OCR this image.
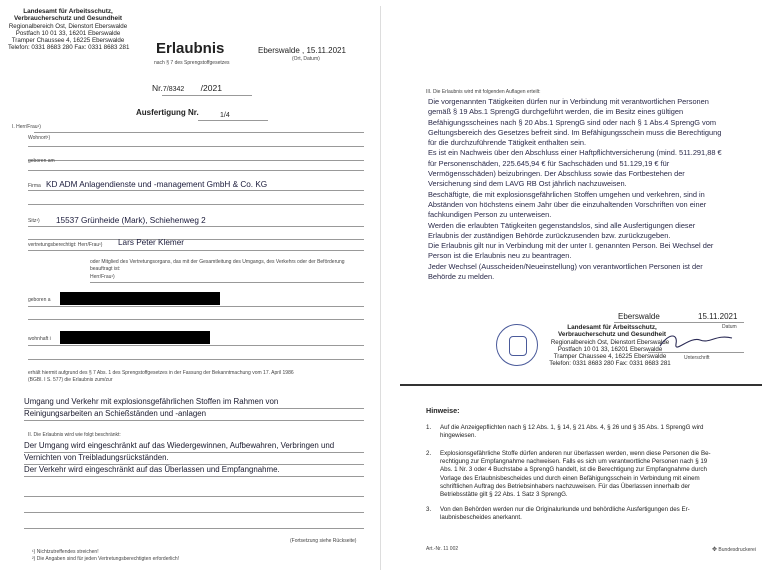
Landesamt für Arbeitsschutz,
Verbraucherschutz und Gesundheit
Regionalbereich Ost, Dienstort Eberswalde
Postfach 10 01 33, 16201 Eberswalde
Tramper Chaussee 4, 16225 Eberswalde
Telefon: 0331 8683 280 Fax: 0331 8683 281 Erlaubnis
nach § 7 des Sprengstoffgesetzes
Eberswalde , 15.11.2021
(Ort, Datum)
Nr.7/8342 /2021
Ausfertigung Nr.	1/4
I. Herr/Frau¹)
Wohnort¹)
geboren am
Firma KD ADM Anlagendienste und -management GmbH & Co. KG
Sitz¹) 15537 Grünheide (Mark), Schiehenweg 2
vertretungsberechtigt: Herr/Frau¹) Lars Peter Klemer
oder Mitglied des Vertretungsorgans, das mit der Gesamtleitung des Umgangs, des Verkehrs oder der Beförderung beauftragt ist:
Herr/Frau¹)
geboren a
wohnhaft i
erhält hiermit aufgrund des § 7 Abs. 1 des Sprengstoffgesetzes in der Fassung der Bekanntmachung vom 17. April 1986
(BGBl. I S. 577) die Erlaubnis zum/zur
Umgang und Verkehr mit explosionsgefährlichen Stoffen im Rahmen von
Reinigungsarbeiten an Schießständen und -anlagen
II. Die Erlaubnis wird wie folgt beschränkt:
Der Umgang wird eingeschränkt auf das Wiedergewinnen, Aufbewahren, Verbringen und
Vernichten von Treibladungsrückständen.
Der Verkehr wird eingeschränkt auf das Überlassen und Empfangnahme.
(Fortsetzung siehe Rückseite)
¹) Nichtzutreffendes streichen!
²) Die Angaben sind für jeden Vertretungsberechtigten erforderlich!
III. Die Erlaubnis wird mit folgenden Auflagen erteilt:
Die vorgenannten Tätigkeiten dürfen nur in Verbindung mit verantwortlichen Personen
gemäß § 19 Abs.1 SprengG durchgeführt werden, die im Besitz eines gültigen
Befähigungsscheines nach § 20 Abs.1 SprengG sind oder nach § 1 Abs.4 SprengG vom
Geltungsbereich des Gesetzes befreit sind. Im Befähigungsschein muss die Berechtigung
für die durchzuführende Tätigkeit enthalten sein.
Es ist ein Nachweis über den Abschluss einer Haftpflichtversicherung (mind. 511.291,88 €
für Personenschäden, 225.645,94 € für Sachschäden und 51.129,19 € für
Vermögensschäden) beizubringen. Der Abschluss sowie das Fortbestehen der
Versicherung sind dem LAVG RB Ost jährlich nachzuweisen.
Beschäftigte, die mit explosionsgefährlichen Stoffen umgehen und verkehren, sind in
Abständen von höchstens einem Jahr über die einzuhaltenden Vorschriften von einer
fachkundigen Person zu unterweisen.
Werden die erlaubten Tätigkeiten gegenstandslos, sind alle Ausfertigungen dieser
Erlaubnis der zuständigen Behörde zurückzusenden bzw. zurückzugeben.
Die Erlaubnis gilt nur in Verbindung mit der unter I. genannten Person. Bei Wechsel der
Person ist die Erlaubnis neu zu beantragen.
Jeder Wechsel (Ausscheiden/Neueinstellung) von verantwortlichen Personen ist der
Behörde zu melden.
Eberswalde	15.11.2021
Datum
Landesamt für Arbeitsschutz,
Verbraucherschutz und Gesundheit
Regionalbereich Ost, Dienstort Eberswalde
Postfach 10 01 33, 16201 Eberswalde
Tramper Chaussee 4, 16225 Eberswalde
Telefon: 0331 8683 280 Fax: 0331 8683 281
Unterschrift
Hinweise:
1. Auf die Anzeigepflichten nach § 12 Abs. 1, § 14, § 21 Abs. 4, § 26 und § 35 Abs. 1 SprengG wird
hingewiesen.
2. Explosionsgefährliche Stoffe dürfen anderen nur überlassen werden, wenn diese Personen die Be-
rechtigung zur Empfangnahme nachweisen. Falls es sich um verantwortliche Personen nach § 19
Abs. 1 Nr. 3 oder 4 Buchstabe a SprengG handelt, ist die Berechtigung zur Empfangnahme durch
Vorlage des Erlaubnisbescheides und durch einen Befähigungsschein in Verbindung mit einem
schriftlichen Auftrag des Betriebsinhabers nachzuweisen. Für das Überlassen innerhalb der
Betriebsstätte gilt § 22 Abs. 1 Satz 3 SprengG.
3. Von den Behörden werden nur die Originalurkunde und behördliche Ausfertigungen des Er-
laubnisbescheides anerkannt.
Art.-Nr. 11 002	✥ Bundesdruckerei
